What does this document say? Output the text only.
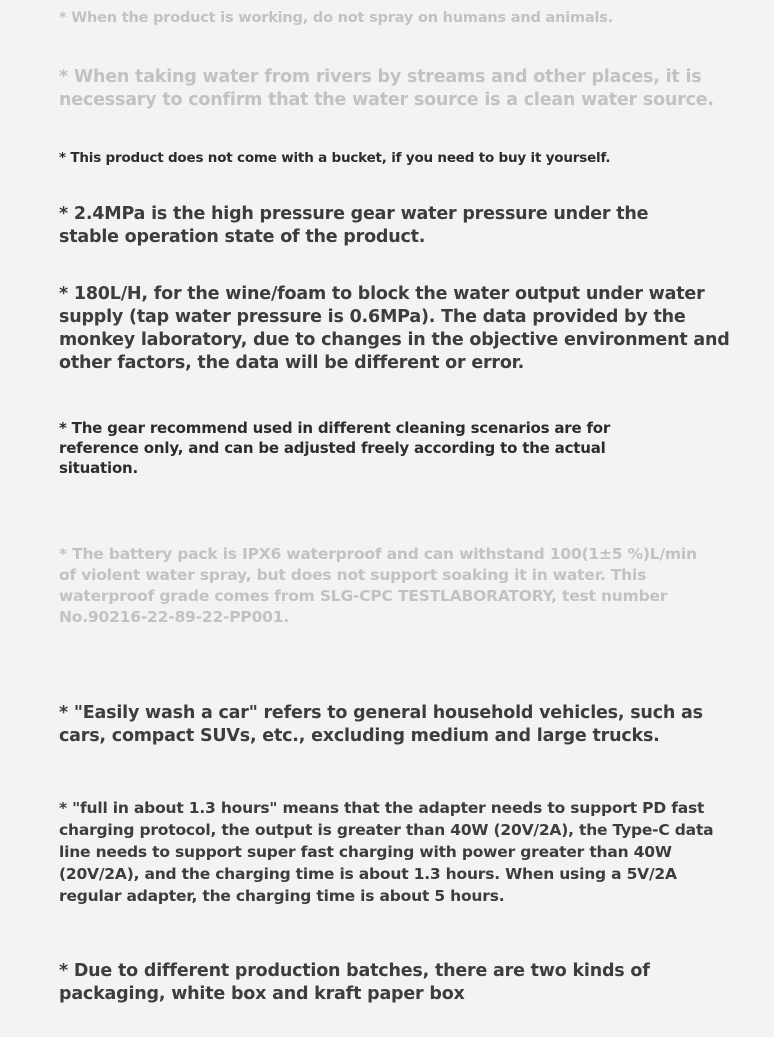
* When the product is working, do not spray on humans and animals.

* When taking water from rivers by streams and other places, it is necessary to confirm that the water source is a clean water source.

* This product does not come with a bucket, if you need to buy it yourself.

* 2.4MPa is the high pressure gear water pressure under the stable operation state of the product.

* 180L/H, for the wine/foam to block the water output under water supply (tap water pressure is 0.6MPa). The data provided by the monkey laboratory, due to changes in the objective environment and other factors, the data will be different or error.

* The gear recommend used in different cleaning scenarios are for reference only, and can be adjusted freely according to the actual situation.

* The battery pack is IPX6 waterproof and can withstand 100(1±5 %)L/min of violent water spray, but does not support soaking it in water. This waterproof grade comes from SLG-CPC TESTLABORATORY, test number No.90216-22-89-22-PP001.

* "Easily wash a car" refers to general household vehicles, such as cars, compact SUVs, etc., excluding medium and large trucks.

* "full in about 1.3 hours" means that the adapter needs to support PD fast charging protocol, the output is greater than 40W (20V/2A), the Type-C data line needs to support super fast charging with power greater than 40W (20V/2A), and the charging time is about 1.3 hours. When using a 5V/2A regular adapter, the charging time is about 5 hours.

* Due to different production batches, there are two kinds of packaging, white box and kraft paper box
